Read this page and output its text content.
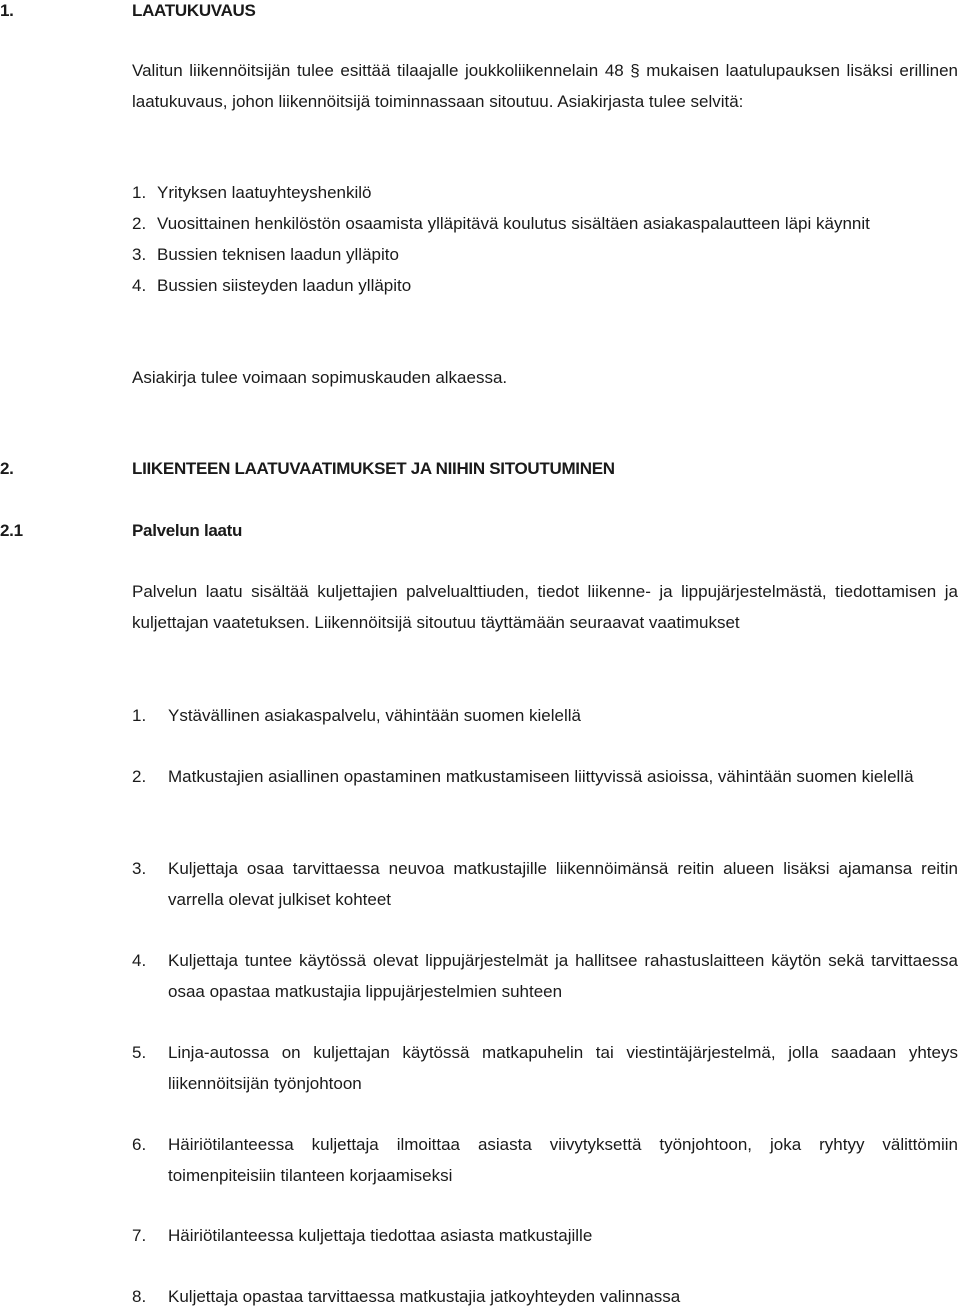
1.	LAATUKUVAUS

Valitun liikennöitsijän tulee esittää tilaajalle joukkoliikennelain 48 § mukaisen laatulupauksen lisäksi erillinen laatukuvaus, johon liikennöitsijä toiminnassaan sitoutuu. Asiakirjasta tulee selvitä:

1. Yrityksen laatuyhteyshenkilö
2. Vuosittainen henkilöstön osaamista ylläpitävä koulutus sisältäen asiakaspalautteen läpi käynnit
3. Bussien teknisen laadun ylläpito
4. Bussien siisteyden laadun ylläpito

Asiakirja tulee voimaan sopimuskauden alkaessa.

2.	LIIKENTEEN LAATUVAATIMUKSET JA NIIHIN SITOUTUMINEN
2.1	Palvelun laatu

Palvelun laatu sisältää kuljettajien palvelualttiuden, tiedot liikenne- ja lippujärjestelmästä, tiedottamisen ja kuljettajan vaatetuksen. Liikennöitsijä sitoutuu täyttämään seuraavat vaatimukset

1. Ystävällinen asiakaspalvelu, vähintään suomen kielellä
2. Matkustajien asiallinen opastaminen matkustamiseen liittyvissä asioissa, vähintään suomen kielellä
3. Kuljettaja osaa tarvittaessa neuvoa matkustajille liikennöimänsä reitin alueen lisäksi ajamansa reitin varrella olevat julkiset kohteet
4. Kuljettaja tuntee käytössä olevat lippujärjestelmät ja hallitsee rahastuslaitteen käytön sekä tarvittaessa osaa opastaa matkustajia lippujärjestelmien suhteen
5. Linja-autossa on kuljettajan käytössä matkapuhelin tai viestintäjärjestelmä, jolla saadaan yhteys liikennöitsijän työnjohtoon
6. Häiriötilanteessa kuljettaja ilmoittaa asiasta viivytyksettä työnjohtoon, joka ryhtyy välittömiin toimenpiteisiin tilanteen korjaamiseksi
7. Häiriötilanteessa kuljettaja tiedottaa asiasta matkustajille
8. Kuljettaja opastaa tarvittaessa matkustajia jatkoyhteyden valinnassa
